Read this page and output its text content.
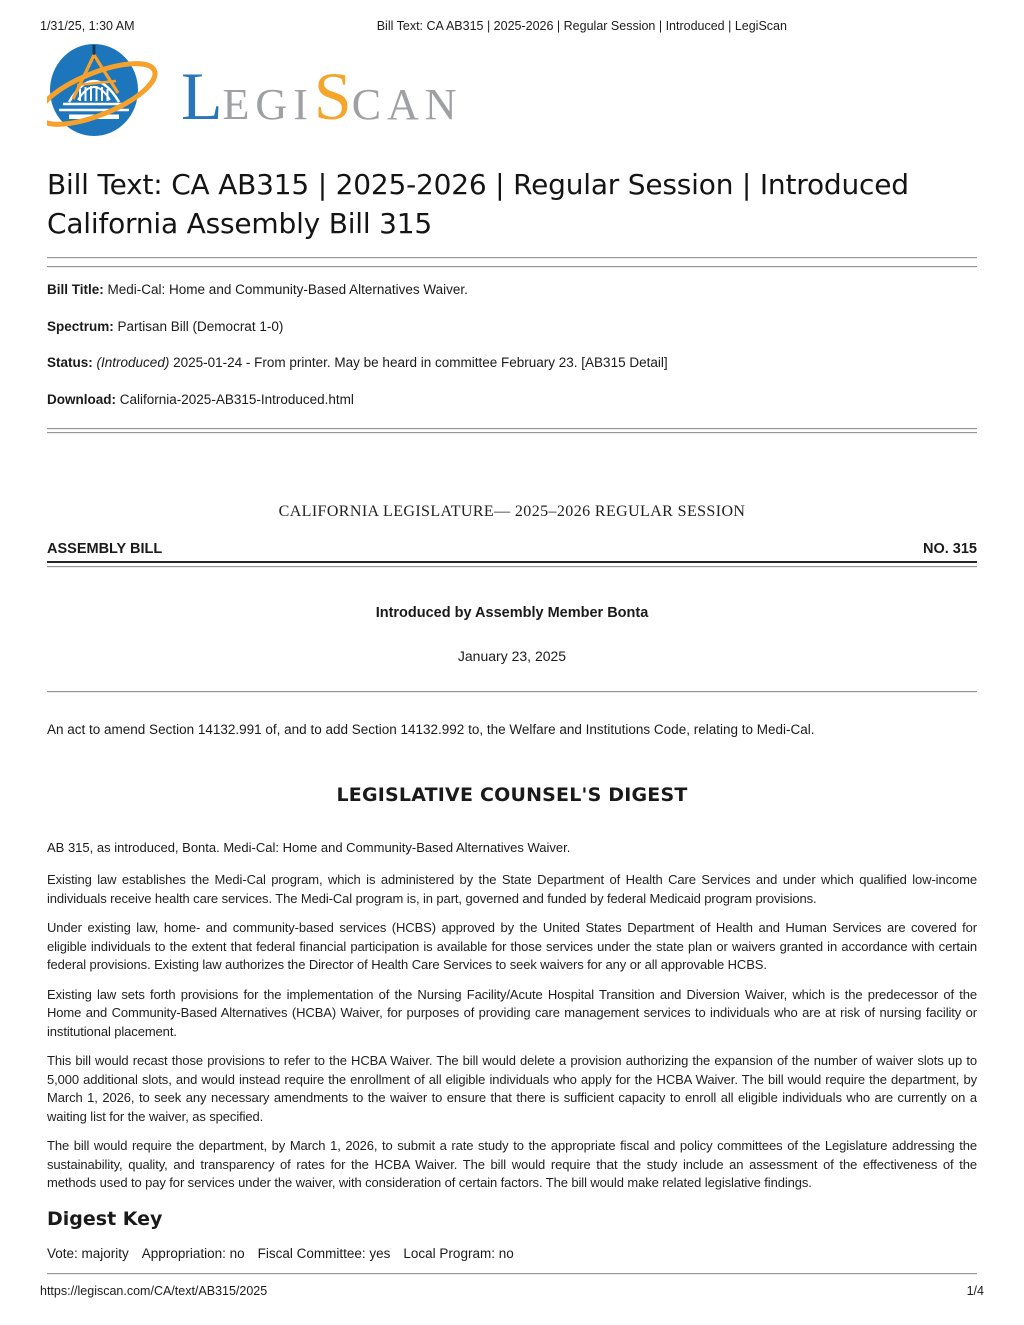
1/31/25, 1:30 AM	Bill Text: CA AB315 | 2025-2026 | Regular Session | Introduced | LegiScan
L EGI S CAN
Bill Text: CA AB315 | 2025-2026 | Regular Session | Introduced
California Assembly Bill 315

Bill Title: Medi-Cal: Home and Community-Based Alternatives Waiver.

Spectrum: Partisan Bill (Democrat 1-0)

Status: (Introduced) 2025-01-24 - From printer. May be heard in committee February 23. [AB315 Detail]

Download: California-2025-AB315-Introduced.html

CALIFORNIA LEGISLATURE— 2025–2026 REGULAR SESSION
ASSEMBLY BILL	NO. 315
Introduced by Assembly Member Bonta
January 23, 2025
An act to amend Section 14132.991 of, and to add Section 14132.992 to, the Welfare and Institutions Code, relating to Medi-Cal.
LEGISLATIVE COUNSEL'S DIGEST
AB 315, as introduced, Bonta. Medi-Cal: Home and Community-Based Alternatives Waiver.

Existing law establishes the Medi-Cal program, which is administered by the State Department of Health Care Services and under which qualified low-income individuals receive health care services. The Medi-Cal program is, in part, governed and funded by federal Medicaid program provisions.

Under existing law, home- and community-based services (HCBS) approved by the United States Department of Health and Human Services are covered for eligible individuals to the extent that federal financial participation is available for those services under the state plan or waivers granted in accordance with certain federal provisions. Existing law authorizes the Director of Health Care Services to seek waivers for any or all approvable HCBS.

Existing law sets forth provisions for the implementation of the Nursing Facility/Acute Hospital Transition and Diversion Waiver, which is the predecessor of the Home and Community-Based Alternatives (HCBA) Waiver, for purposes of providing care management services to individuals who are at risk of nursing facility or institutional placement.

This bill would recast those provisions to refer to the HCBA Waiver. The bill would delete a provision authorizing the expansion of the number of waiver slots up to 5,000 additional slots, and would instead require the enrollment of all eligible individuals who apply for the HCBA Waiver. The bill would require the department, by March 1, 2026, to seek any necessary amendments to the waiver to ensure that there is sufficient capacity to enroll all eligible individuals who are currently on a waiting list for the waiver, as specified.

The bill would require the department, by March 1, 2026, to submit a rate study to the appropriate fiscal and policy committees of the Legislature addressing the sustainability, quality, and transparency of rates for the HCBA Waiver. The bill would require that the study include an assessment of the effectiveness of the methods used to pay for services under the waiver, with consideration of certain factors. The bill would make related legislative findings.

Digest Key
Vote: majority Appropriation: no Fiscal Committee: yes Local Program: no
https://legiscan.com/CA/text/AB315/2025	1/4
